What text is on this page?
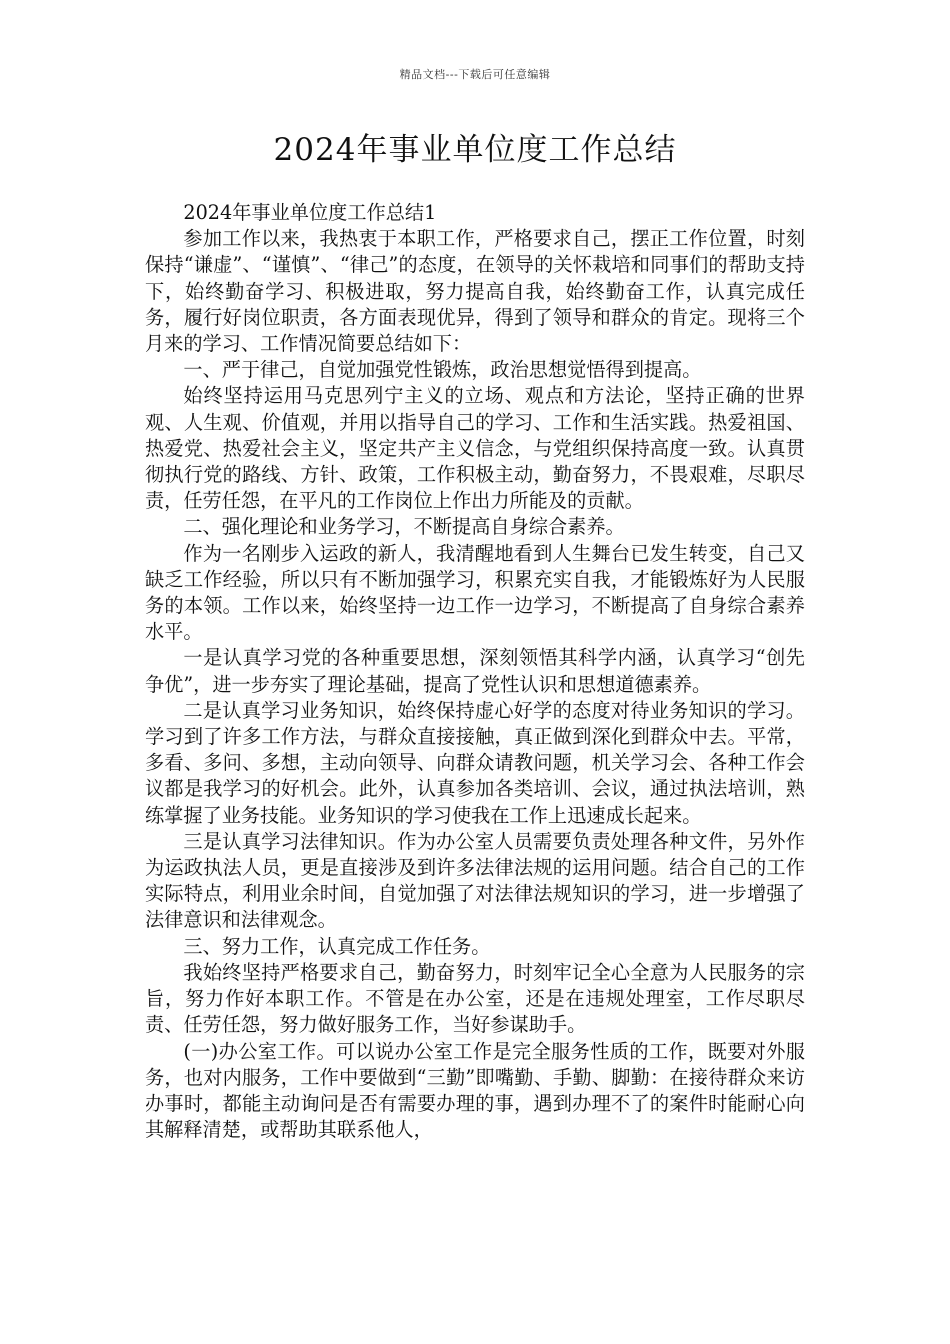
精品文档---下载后可任意编辑
2024年事业单位度工作总结

2024年事业单位度工作总结1

参加工作以来，我热衷于本职工作，严格要求自己，摆正工作位置，时刻保持“谦虚”、“谨慎”、“律己”的态度，在领导的关怀栽培和同事们的帮助支持下，始终勤奋学习、积极进取，努力提高自我，始终勤奋工作，认真完成任务，履行好岗位职责，各方面表现优异，得到了领导和群众的肯定。现将三个月来的学习、工作情况简要总结如下：

一、严于律己，自觉加强党性锻炼，政治思想觉悟得到提高。

始终坚持运用马克思列宁主义的立场、观点和方法论，坚持正确的世界观、人生观、价值观，并用以指导自己的学习、工作和生活实践。热爱祖国、热爱党、热爱社会主义，坚定共产主义信念，与党组织保持高度一致。认真贯彻执行党的路线、方针、政策，工作积极主动，勤奋努力，不畏艰难，尽职尽责，任劳任怨，在平凡的工作岗位上作出力所能及的贡献。

二、强化理论和业务学习，不断提高自身综合素养。

作为一名刚步入运政的新人，我清醒地看到人生舞台已发生转变，自己又缺乏工作经验，所以只有不断加强学习，积累充实自我，才能锻炼好为人民服务的本领。工作以来，始终坚持一边工作一边学习，不断提高了自身综合素养水平。

一是认真学习党的各种重要思想，深刻领悟其科学内涵，认真学习“创先争优”，进一步夯实了理论基础，提高了党性认识和思想道德素养。

二是认真学习业务知识，始终保持虚心好学的态度对待业务知识的学习。学习到了许多工作方法，与群众直接接触，真正做到深化到群众中去。平常，多看、多问、多想，主动向领导、向群众请教问题，机关学习会、各种工作会议都是我学习的好机会。此外，认真参加各类培训、会议，通过执法培训，熟练掌握了业务技能。业务知识的学习使我在工作上迅速成长起来。

三是认真学习法律知识。作为办公室人员需要负责处理各种文件，另外作为运政执法人员，更是直接涉及到许多法律法规的运用问题。结合自己的工作实际特点，利用业余时间，自觉加强了对法律法规知识的学习，进一步增强了法律意识和法律观念。

三、努力工作，认真完成工作任务。

我始终坚持严格要求自己，勤奋努力，时刻牢记全心全意为人民服务的宗旨，努力作好本职工作。不管是在办公室，还是在违规处理室，工作尽职尽责、任劳任怨，努力做好服务工作，当好参谋助手。

(一)办公室工作。可以说办公室工作是完全服务性质的工作，既要对外服务，也对内服务，工作中要做到“三勤”即嘴勤、手勤、脚勤：在接待群众来访办事时，都能主动询问是否有需要办理的事，遇到办理不了的案件时能耐心向其解释清楚，或帮助其联系他人，
